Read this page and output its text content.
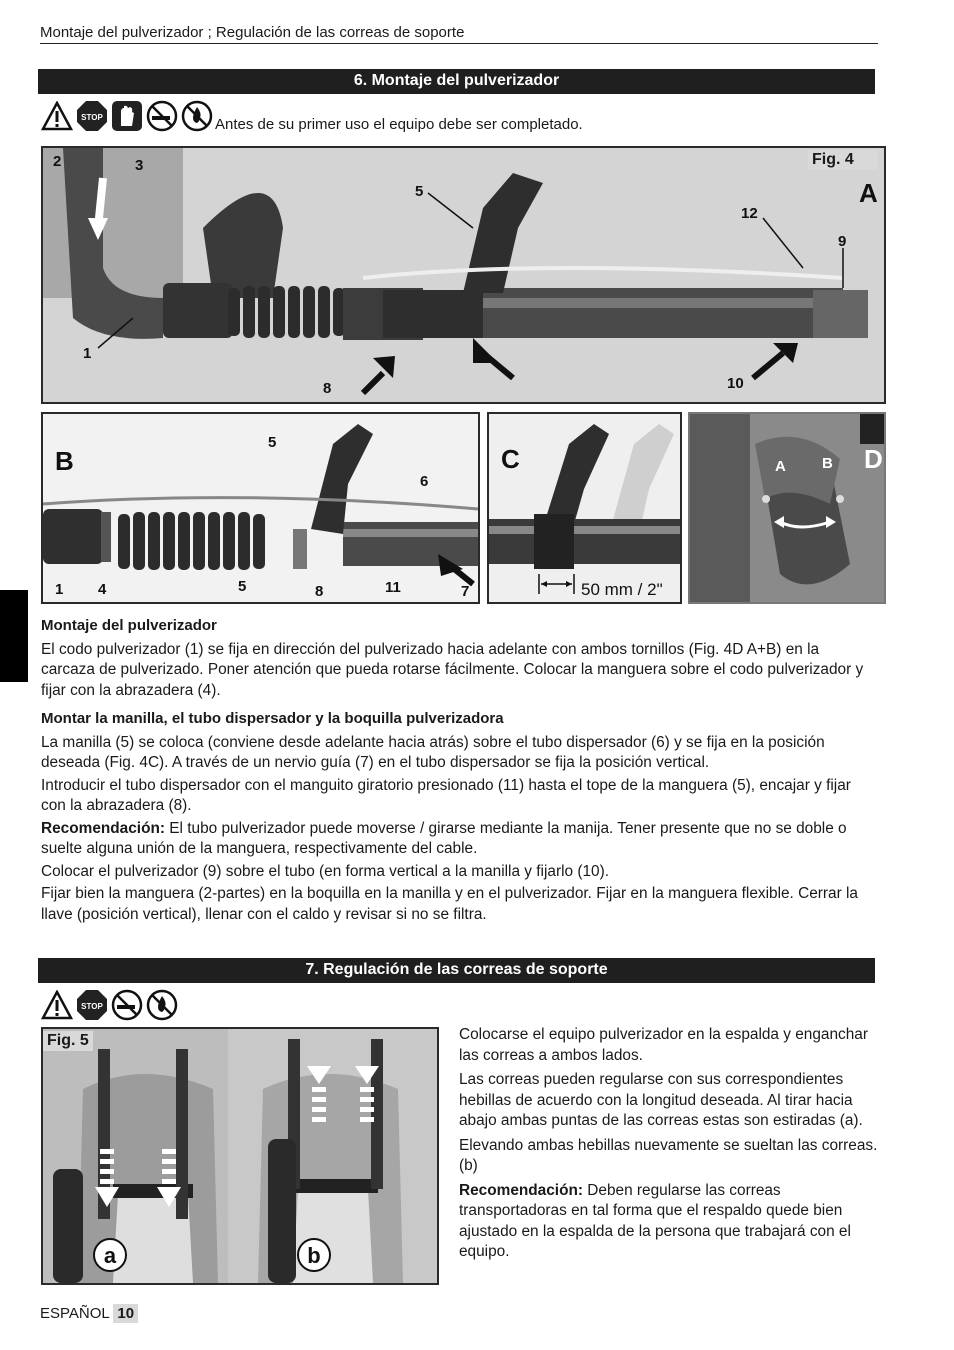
Montaje del pulverizador ; Regulación de las correas de soporte
6. Montaje del pulverizador
STOP	Antes de su primer uso el equipo debe ser completado.
2	3
5
12
9
1
8	10
Fig. 4
A
5
6
1 4	5	8	11	7
B
50 mm / 2"
C	A B D
Montaje del pulverizador

El codo pulverizador (1) se fija en dirección del pulverizado hacia adelante con ambos tornillos (Fig. 4D A+B) en la carcaza de pulverizado. Poner atención que pueda rotarse fácilmente. Colocar la manguera sobre el codo pulverizador y fijar con la abrazadera (4).

Montar la manilla, el tubo dispersador y la boquilla pulverizadora

La manilla (5) se coloca (conviene desde adelante hacia atrás) sobre el tubo dispersador (6) y se fija en la posición deseada (Fig. 4C). A través de un nervio guía (7) en el tubo dispersador se fija la posición vertical.

Introducir el tubo dispersador con el manguito giratorio presionado (11) hasta el tope de la manguera (5), encajar y fijar con la abrazadera (8).

Recomendación: El tubo pulverizador puede moverse / girarse mediante la manija. Tener presente que no se doble o suelte alguna unión de la manguera, respectivamente del cable.

Colocar el pulverizador (9) sobre el tubo (en forma vertical a la manilla y fijarlo (10).

Fijar bien la manguera (2-partes) en la boquilla en la manilla y en el pulverizador. Fijar en la manguera flexible. Cerrar la llave (posición vertical), llenar con el caldo y revisar si no se filtra.

7. Regulación de las correas de soporte
STOP
a	b
Fig. 5	Colocarse el equipo pulverizador en la espalda y enganchar las correas a ambos lados.

Las correas pueden regularse con sus correspondientes hebillas de acuerdo con la longitud deseada. Al tirar hacia abajo ambas puntas de las correas estas son estiradas (a).

Elevando ambas hebillas nuevamente se sueltan las correas. (b)

Recomendación: Deben regularse las correas transportadoras en tal forma que el respaldo quede bien ajustado en la espalda de la persona que trabajará con el equipo.

ESPAÑOL 10
